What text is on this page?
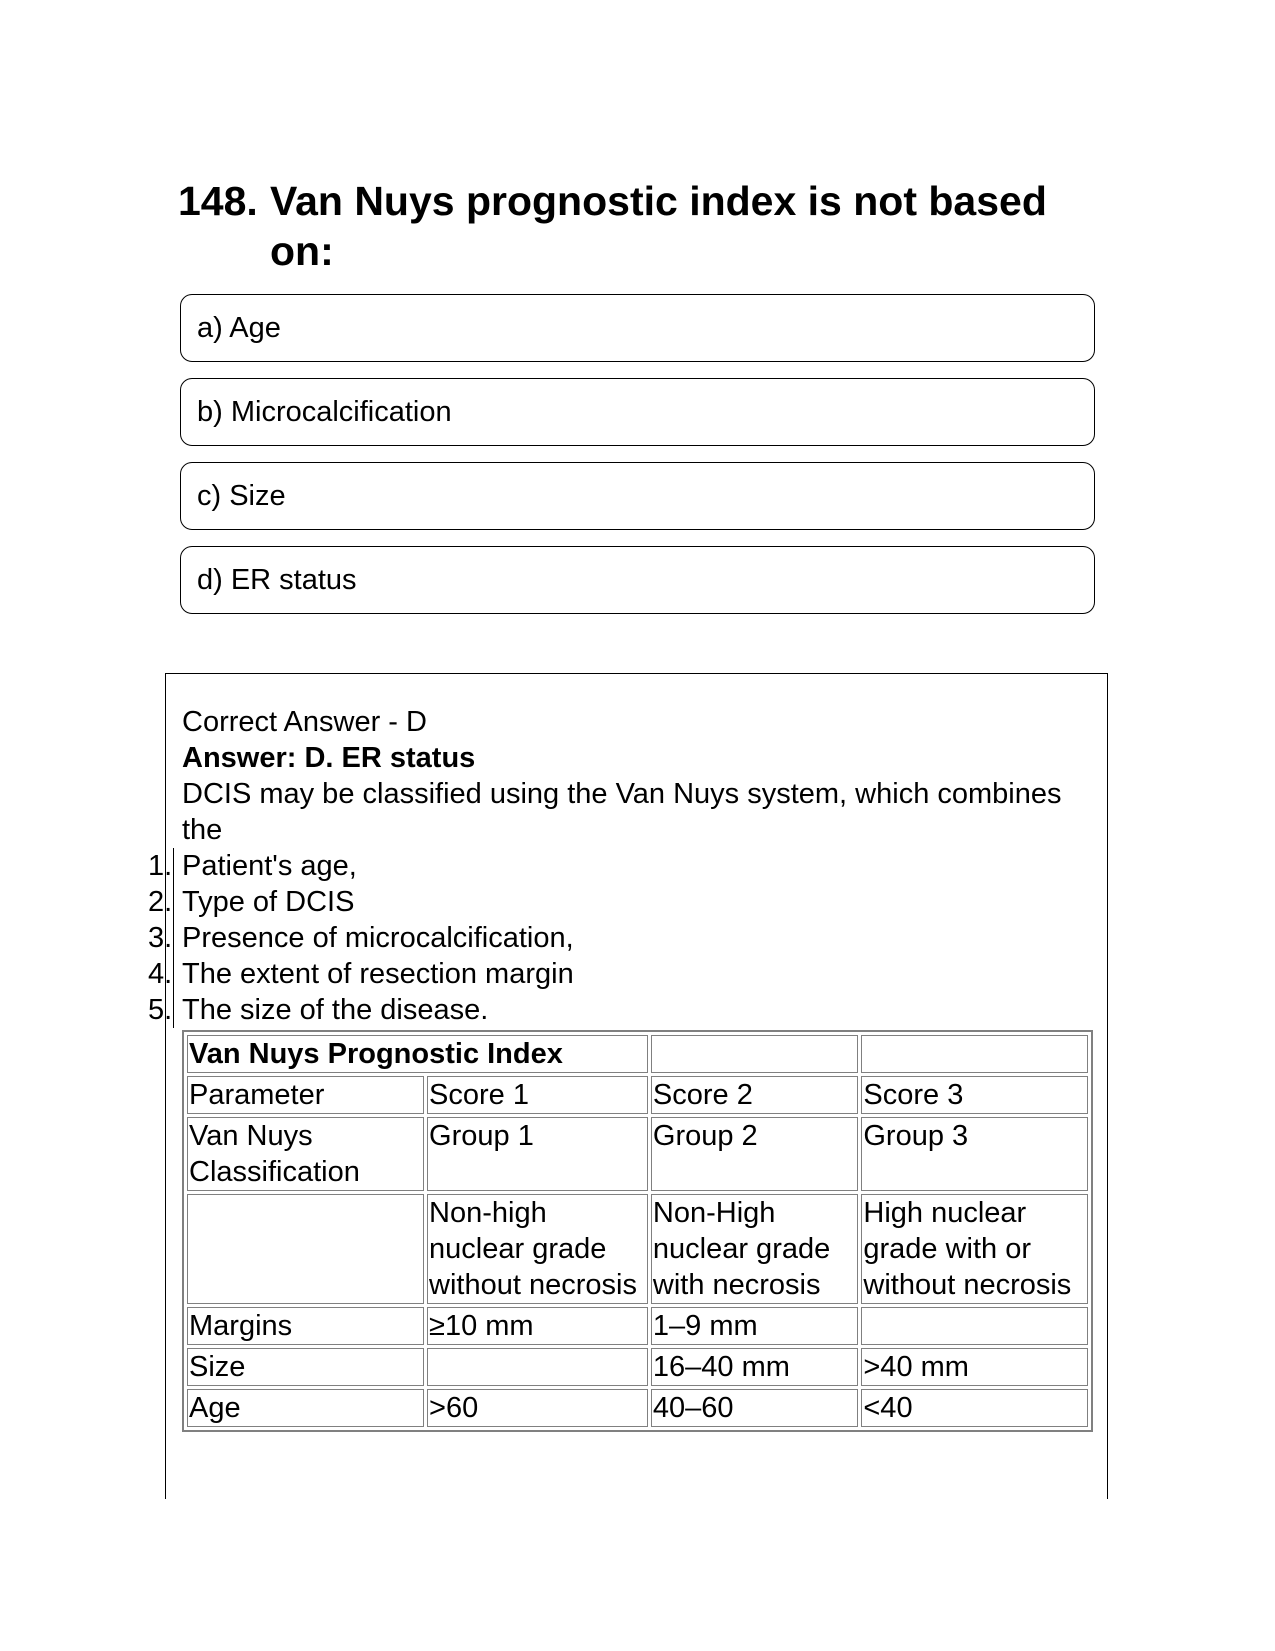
148. Van Nuys prognostic index is not based on:
a) Age
b) Microcalcification
c) Size
d) ER status

Correct Answer - D

Answer: D. ER status

DCIS may be classified using the Van Nuys system, which combines the

1. Patient's age,
2. Type of DCIS
3. Presence of microcalcification,
4. The extent of resection margin
5. The size of the disease.
Van Nuys Prognostic Index			
Parameter	Score 1	Score 2	Score 3
Van Nuys Classification	Group 1	Group 2	Group 3
	Non-high nuclear grade without necrosis	Non-High nuclear grade with necrosis	High nuclear grade with or without necrosis
Margins	≥10 mm	1–9 mm	
Size		16–40 mm	>40 mm
Age	>60	40–60	<40
